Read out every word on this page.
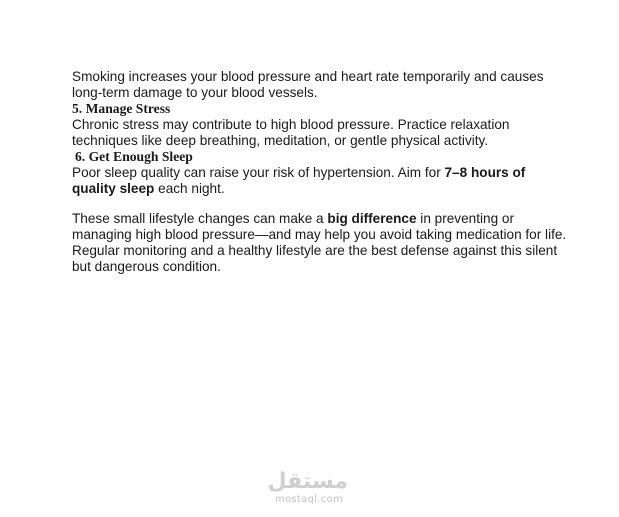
Smoking increases your blood pressure and heart rate temporarily and causes long-term damage to your blood vessels.

5. Manage Stress

Chronic stress may contribute to high blood pressure. Practice relaxation techniques like deep breathing, meditation, or gentle physical activity.

6. Get Enough Sleep

Poor sleep quality can raise your risk of hypertension. Aim for 7–8 hours of quality sleep each night.

These small lifestyle changes can make a big difference in preventing or managing high blood pressure—and may help you avoid taking medication for life. Regular monitoring and a healthy lifestyle are the best defense against this silent but dangerous condition.

مستقل
mostaql.com
